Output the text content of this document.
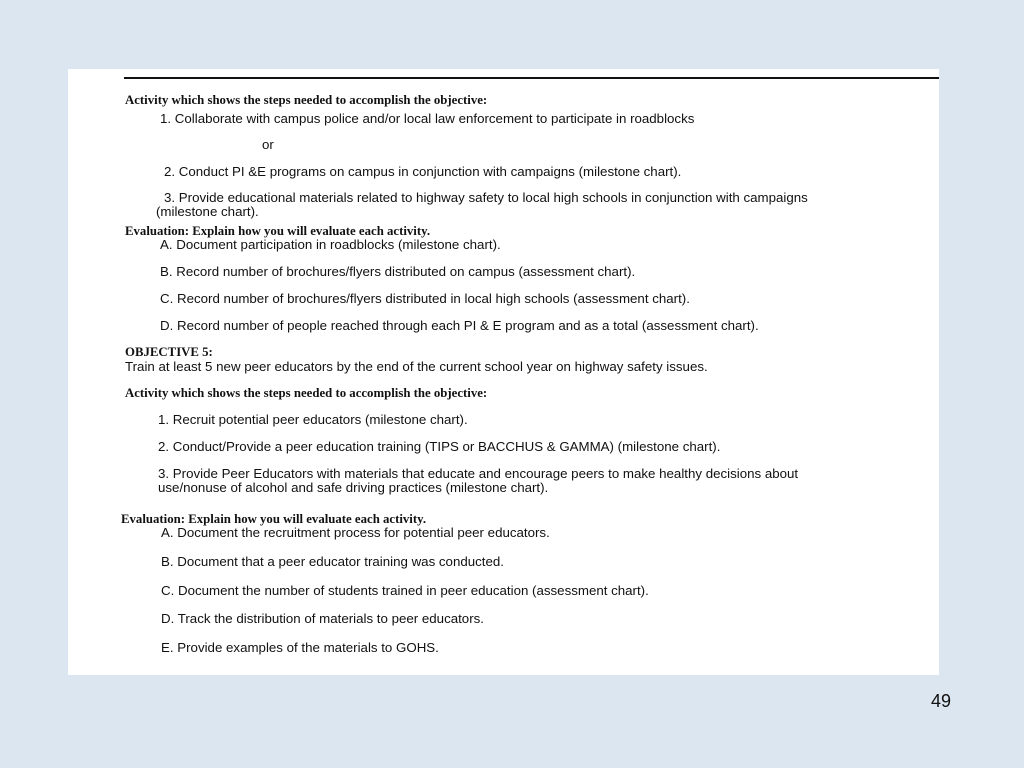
Activity which shows the steps needed to accomplish the objective:
1. Collaborate with campus police and/or local law enforcement to participate in roadblocks
or
2. Conduct PI &E programs on campus in conjunction with campaigns (milestone chart).
3. Provide educational materials related to highway safety to local high schools in conjunction with campaigns
(milestone chart).
Evaluation: Explain how you will evaluate each activity.
A. Document participation in roadblocks (milestone chart).
B. Record number of brochures/flyers distributed on campus (assessment chart).
C. Record number of brochures/flyers distributed in local high schools (assessment chart).
D. Record number of people reached through each PI & E program and as a total (assessment chart).
OBJECTIVE 5:
Train at least 5 new peer educators by the end of the current school year on highway safety issues.
Activity which shows the steps needed to accomplish the objective:
1. Recruit potential peer educators (milestone chart).
2. Conduct/Provide a peer education training (TIPS or BACCHUS & GAMMA) (milestone chart).
3. Provide Peer Educators with materials that educate and encourage peers to make healthy decisions about
use/nonuse of alcohol and safe driving practices (milestone chart).
Evaluation: Explain how you will evaluate each activity.
A. Document the recruitment process for potential peer educators.
B. Document that a peer educator training was conducted.
C. Document the number of students trained in peer education (assessment chart).
D. Track the distribution of materials to peer educators.
E. Provide examples of the materials to GOHS.
49
